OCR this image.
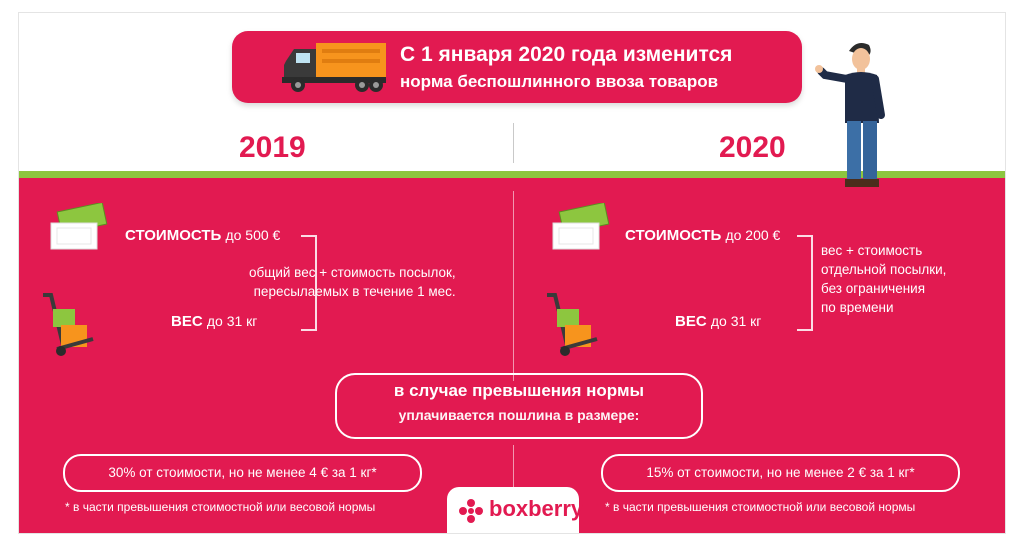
С 1 января 2020 года изменится
норма беспошлинного ввоза товаров
2019	2020
СТОИМОСТЬ до 500 €
ВЕС до 31 кг
общий вес + стоимость посылок,
пересылаемых в течение 1 мес.
СТОИМОСТЬ до 200 €
ВЕС до 31 кг
вес + стоимость
отдельной посылки,
без ограничения
по времени
в случае превышения нормы
уплачивается пошлина в размере:
30% от стоимости, но не менее 4 € за 1 кг*	15% от стоимости, но не менее 2 € за 1 кг*
* в части превышения стоимостной или весовой нормы	* в части превышения стоимостной или весовой нормы
boxberry
